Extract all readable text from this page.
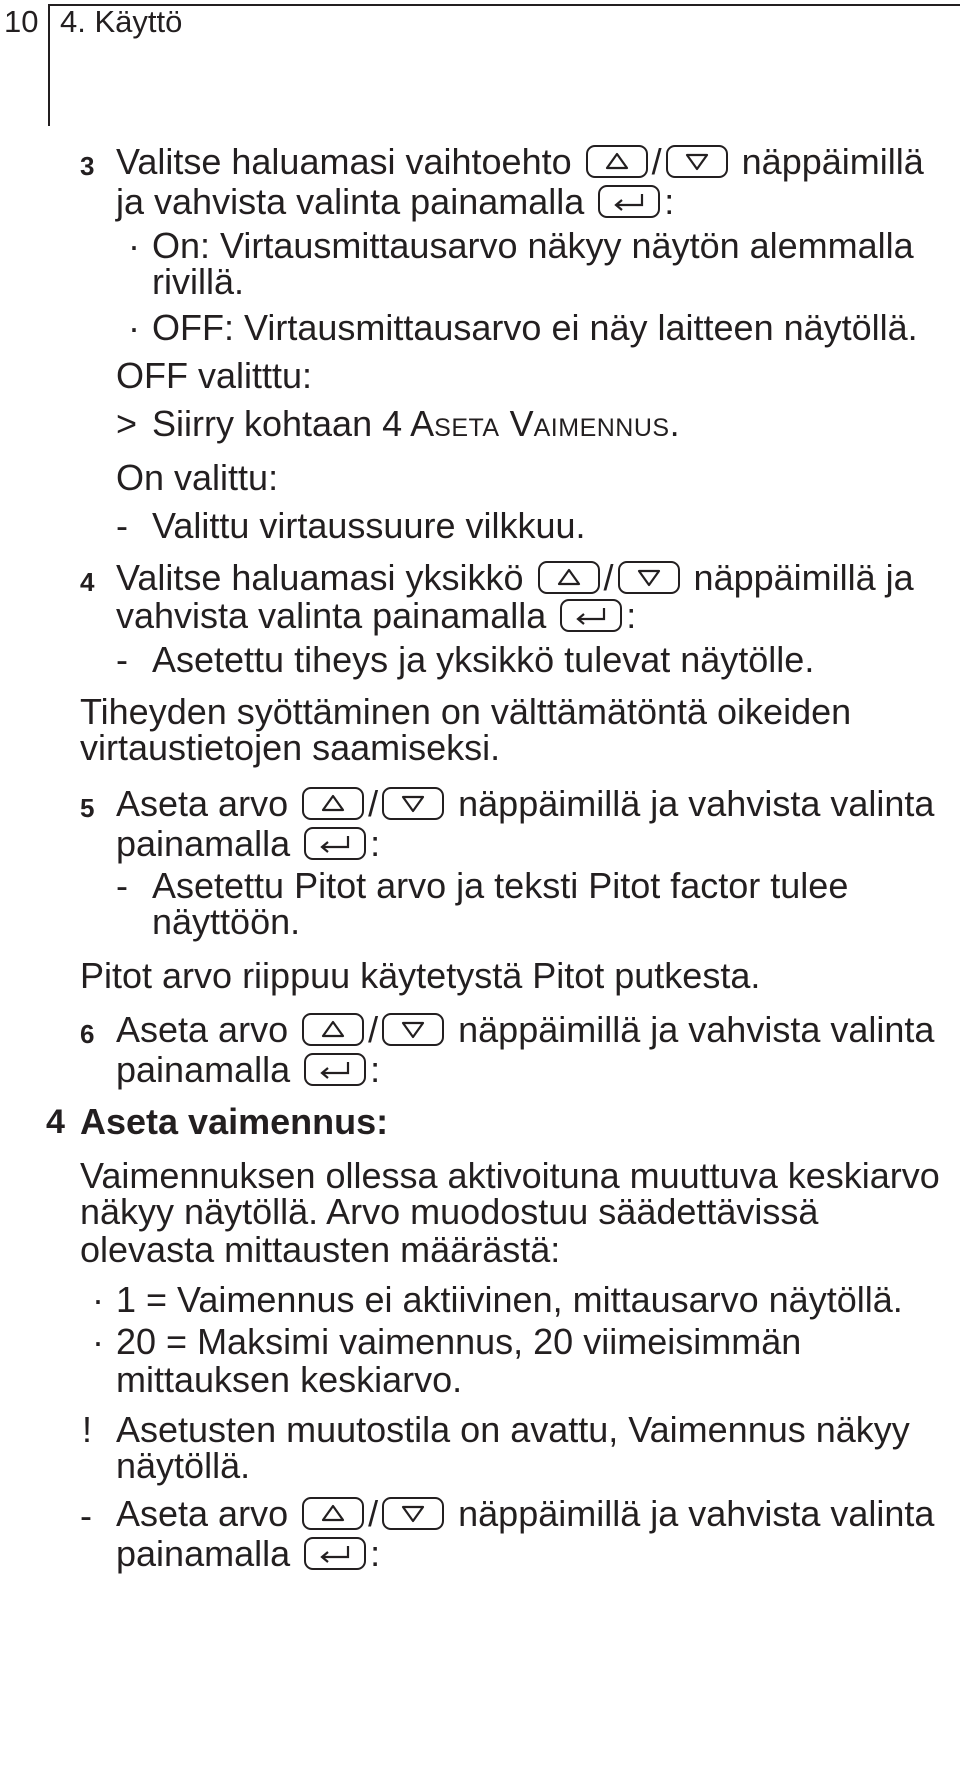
10 4. Käyttö
3 Valitse haluamasi vaihtoehto / näppäimillä
ja vahvista valinta painamalla :
· On: Virtausmittausarvo näkyy näytön alemmalla
rivillä.
· OFF: Virtausmittausarvo ei näy laitteen näytöllä.
OFF valitttu:
> Siirry kohtaan 4 ASETA VAIMENNUS.
On valittu:
- Valittu virtaussuure vilkkuu.
4 Valitse haluamasi yksikkö / näppäimillä ja
vahvista valinta painamalla :
- Asetettu tiheys ja yksikkö tulevat näytölle.
Tiheyden syöttäminen on välttämätöntä oikeiden
virtaustietojen saamiseksi.
5 Aseta arvo / näppäimillä ja vahvista valinta
painamalla :
- Asetettu Pitot arvo ja teksti Pitot factor tulee
näyttöön.
Pitot arvo riippuu käytetystä Pitot putkesta.
6 Aseta arvo / näppäimillä ja vahvista valinta
painamalla :
4 Aseta vaimennus:
Vaimennuksen ollessa aktivoituna muuttuva keskiarvo
näkyy näytöllä. Arvo muodostuu säädettävissä
olevasta mittausten määrästä:
· 1 = Vaimennus ei aktiivinen, mittausarvo näytöllä.
· 20 = Maksimi vaimennus, 20 viimeisimmän
mittauksen keskiarvo.
! Asetusten muutostila on avattu, Vaimennus näkyy
näytöllä.
- Aseta arvo / näppäimillä ja vahvista valinta
painamalla :
